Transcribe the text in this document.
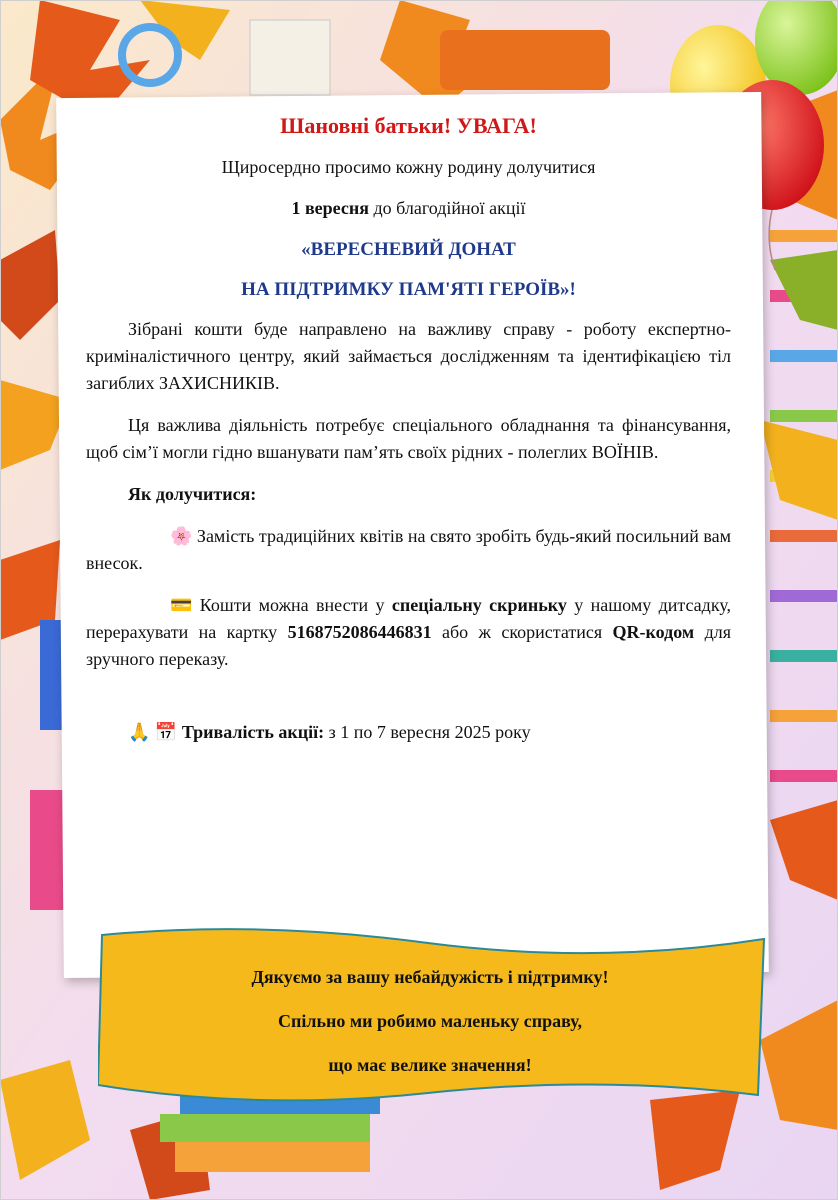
Шановні батьки! УВАГА!
Щиросердно просимо кожну родину долучитися
1 вересня до благодійної акції
«ВЕРЕСНЕВИЙ ДОНАТ
НА ПІДТРИМКУ ПАМ'ЯТІ ГЕРОЇВ»!

Зібрані кошти буде направлено на важливу справу - роботу експертно-криміналістичного центру, який займається дослідженням та ідентифікацією тіл загиблих ЗАХИСНИКІВ.

Ця важлива діяльність потребує спеціального обладнання та фінансування, щоб сім’ї могли гідно вшанувати пам’ять своїх рідних - полеглих ВОЇНІВ.

Як долучитися:

🌸 Замість традиційних квітів на свято зробіть будь-який посильний вам внесок.

💳 Кошти можна внести у спеціальну скриньку у нашому дитсадку, перерахувати на картку 5168752086446831 або ж скористатися QR-кодом для зручного переказу.

🙏 📅 Тривалість акції: з 1 по 7 вересня 2025 року
Дякуємо за вашу небайдужість і підтримку!
Спільно ми робимо маленьку справу,
що має велике значення!
